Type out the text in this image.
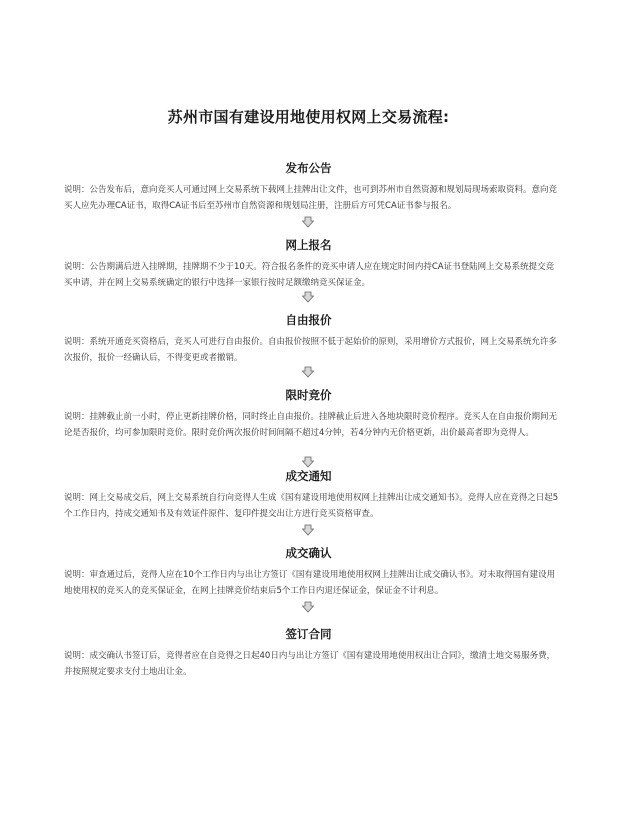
苏州市国有建设用地使用权网上交易流程:
发布公告
说明：公告发布后，意向竞买人可通过网上交易系统下载网上挂牌出让文件，也可到苏州市自然资源和规划局现场索取资料。意向竞买人应先办理CA证书，取得CA证书后至苏州市自然资源和规划局注册，注册后方可凭CA证书参与报名。
网上报名
说明：公告期满后进入挂牌期，挂牌期不少于10天。符合报名条件的竞买申请人应在规定时间内持CA证书登陆网上交易系统提交竞买申请，并在网上交易系统确定的银行中选择一家银行按时足额缴纳竞买保证金。
自由报价
说明：系统开通竞买资格后，竞买人可进行自由报价。自由报价按照不低于起始价的原则，采用增价方式报价，网上交易系统允许多次报价，报价一经确认后，不得变更或者撤销。
限时竞价
说明：挂牌截止前一小时，停止更新挂牌价格，同时终止自由报价。挂牌截止后进入各地块限时竞价程序。竞买人在自由报价期间无论是否报价，均可参加限时竞价。限时竞价两次报价时间间隔不超过4分钟，若4分钟内无价格更新，出价最高者即为竞得人。
成交通知
说明：网上交易成交后，网上交易系统自行向竞得人生成《国有建设用地使用权网上挂牌出让成交通知书》。竞得人应在竞得之日起5个工作日内，持成交通知书及有效证件原件、复印件提交出让方进行竞买资格审查。
成交确认
说明：审查通过后，竞得人应在10个工作日内与出让方签订《国有建设用地使用权网上挂牌出让成交确认书》。对未取得国有建设用地使用权的竞买人的竞买保证金，在网上挂牌竞价结束后5个工作日内退还保证金，保证金不计利息。
签订合同
说明：成交确认书签订后，竞得者应在自竞得之日起40日内与出让方签订《国有建设用地使用权出让合同》，缴清土地交易服务费，并按照规定要求支付土地出让金。
